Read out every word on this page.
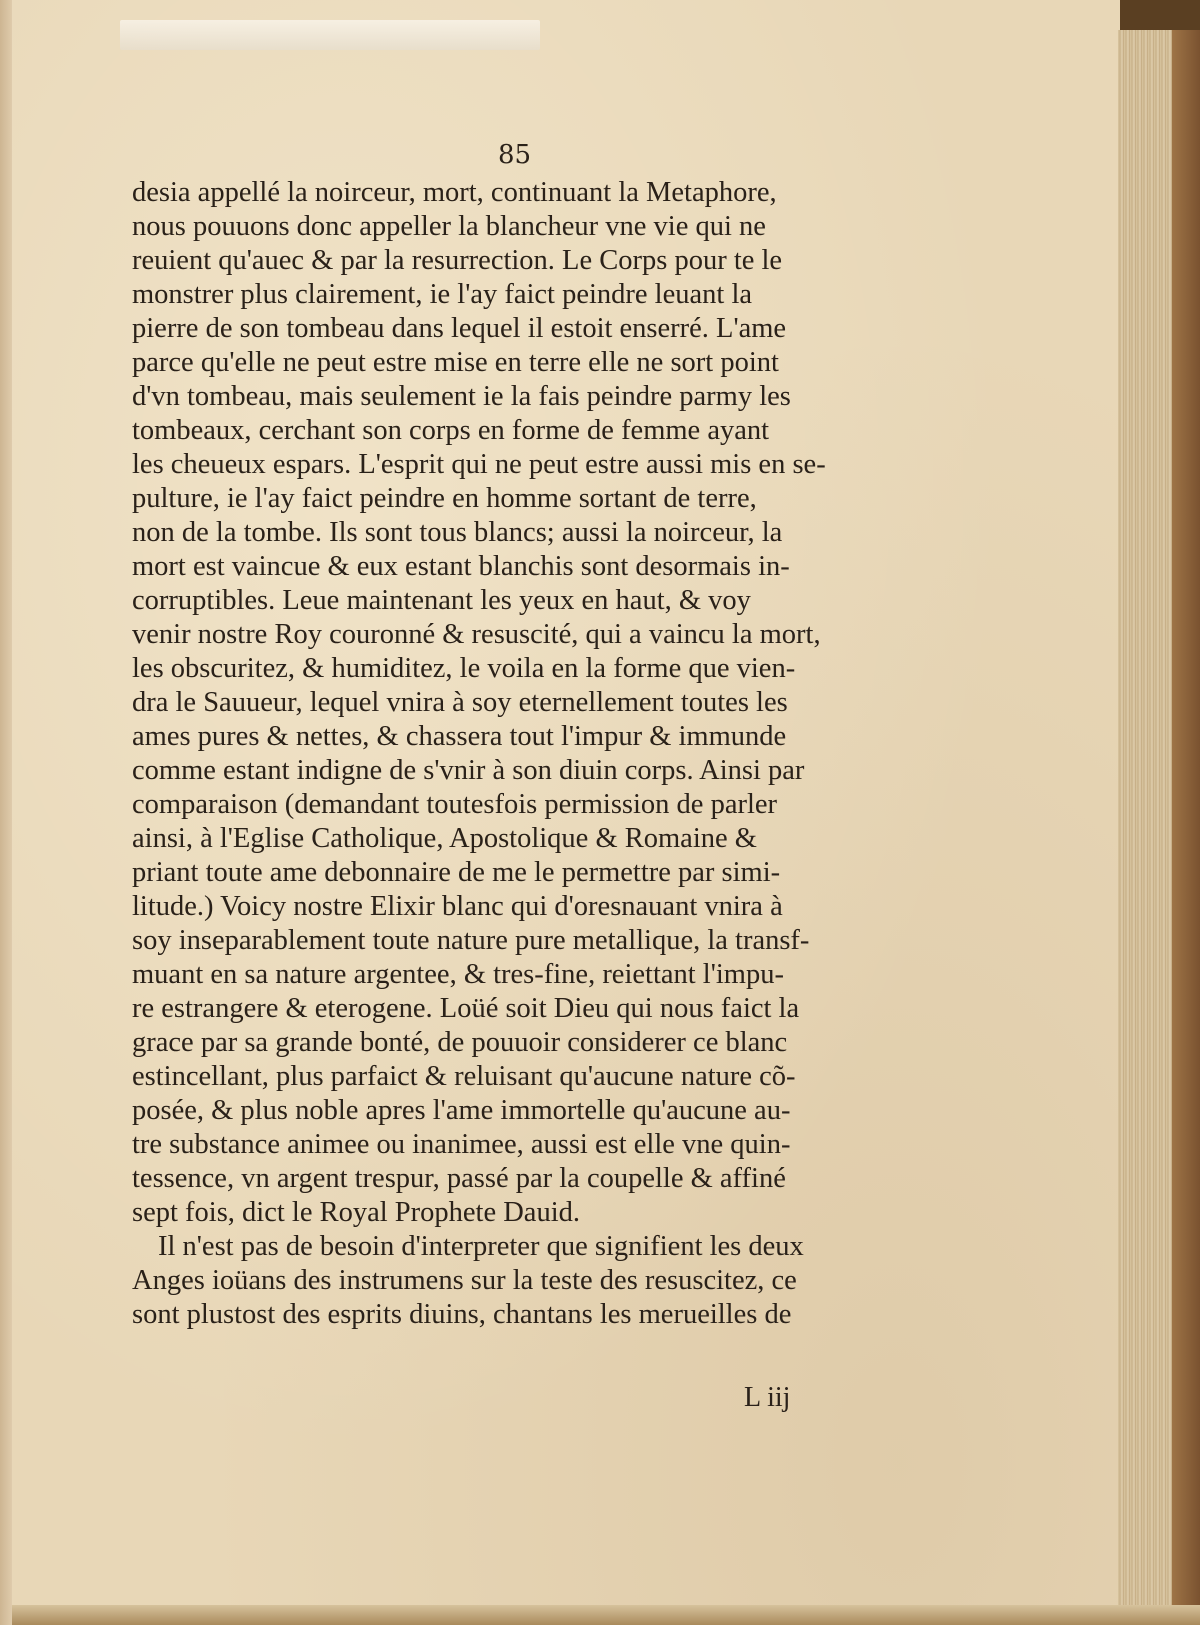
85
desia appellé la noirceur, mort, continuant la Metaphore,
nous pouuons donc appeller la blancheur vne vie qui ne
reuient qu'auec & par la resurrection. Le Corps pour te le
monstrer plus clairement, ie l'ay faict peindre leuant la
pierre de son tombeau dans lequel il estoit enserré. L'ame
parce qu'elle ne peut estre mise en terre elle ne sort point
d'vn tombeau, mais seulement ie la fais peindre parmy les
tombeaux, cerchant son corps en forme de femme ayant
les cheueux espars. L'esprit qui ne peut estre aussi mis en se-
pulture, ie l'ay faict peindre en homme sortant de terre,
non de la tombe. Ils sont tous blancs; aussi la noirceur, la
mort est vaincue & eux estant blanchis sont desormais in-
corruptibles. Leue maintenant les yeux en haut, & voy
venir nostre Roy couronné & resuscité, qui a vaincu la mort,
les obscuritez, & humiditez, le voila en la forme que vien-
dra le Sauueur, lequel vnira à soy eternellement toutes les
ames pures & nettes, & chassera tout l'impur & immunde
comme estant indigne de s'vnir à son diuin corps. Ainsi par
comparaison (demandant toutesfois permission de parler
ainsi, à l'Eglise Catholique, Apostolique & Romaine &
priant toute ame debonnaire de me le permettre par simi-
litude.) Voicy nostre Elixir blanc qui d'oresnauant vnira à
soy inseparablement toute nature pure metallique, la transf-
muant en sa nature argentee, & tres-fine, reiettant l'impu-
re estrangere & eterogene. Loüé soit Dieu qui nous faict la
grace par sa grande bonté, de pouuoir considerer ce blanc
estincellant, plus parfaict & reluisant qu'aucune nature cõ-
posée, & plus noble apres l'ame immortelle qu'aucune au-
tre substance animee ou inanimee, aussi est elle vne quin-
tessence, vn argent trespur, passé par la coupelle & affiné
sept fois, dict le Royal Prophete Dauid.
Il n'est pas de besoin d'interpreter que signifient les deux
Anges ioüans des instrumens sur la teste des resuscitez, ce
sont plustost des esprits diuins, chantans les merueilles de
L iij
